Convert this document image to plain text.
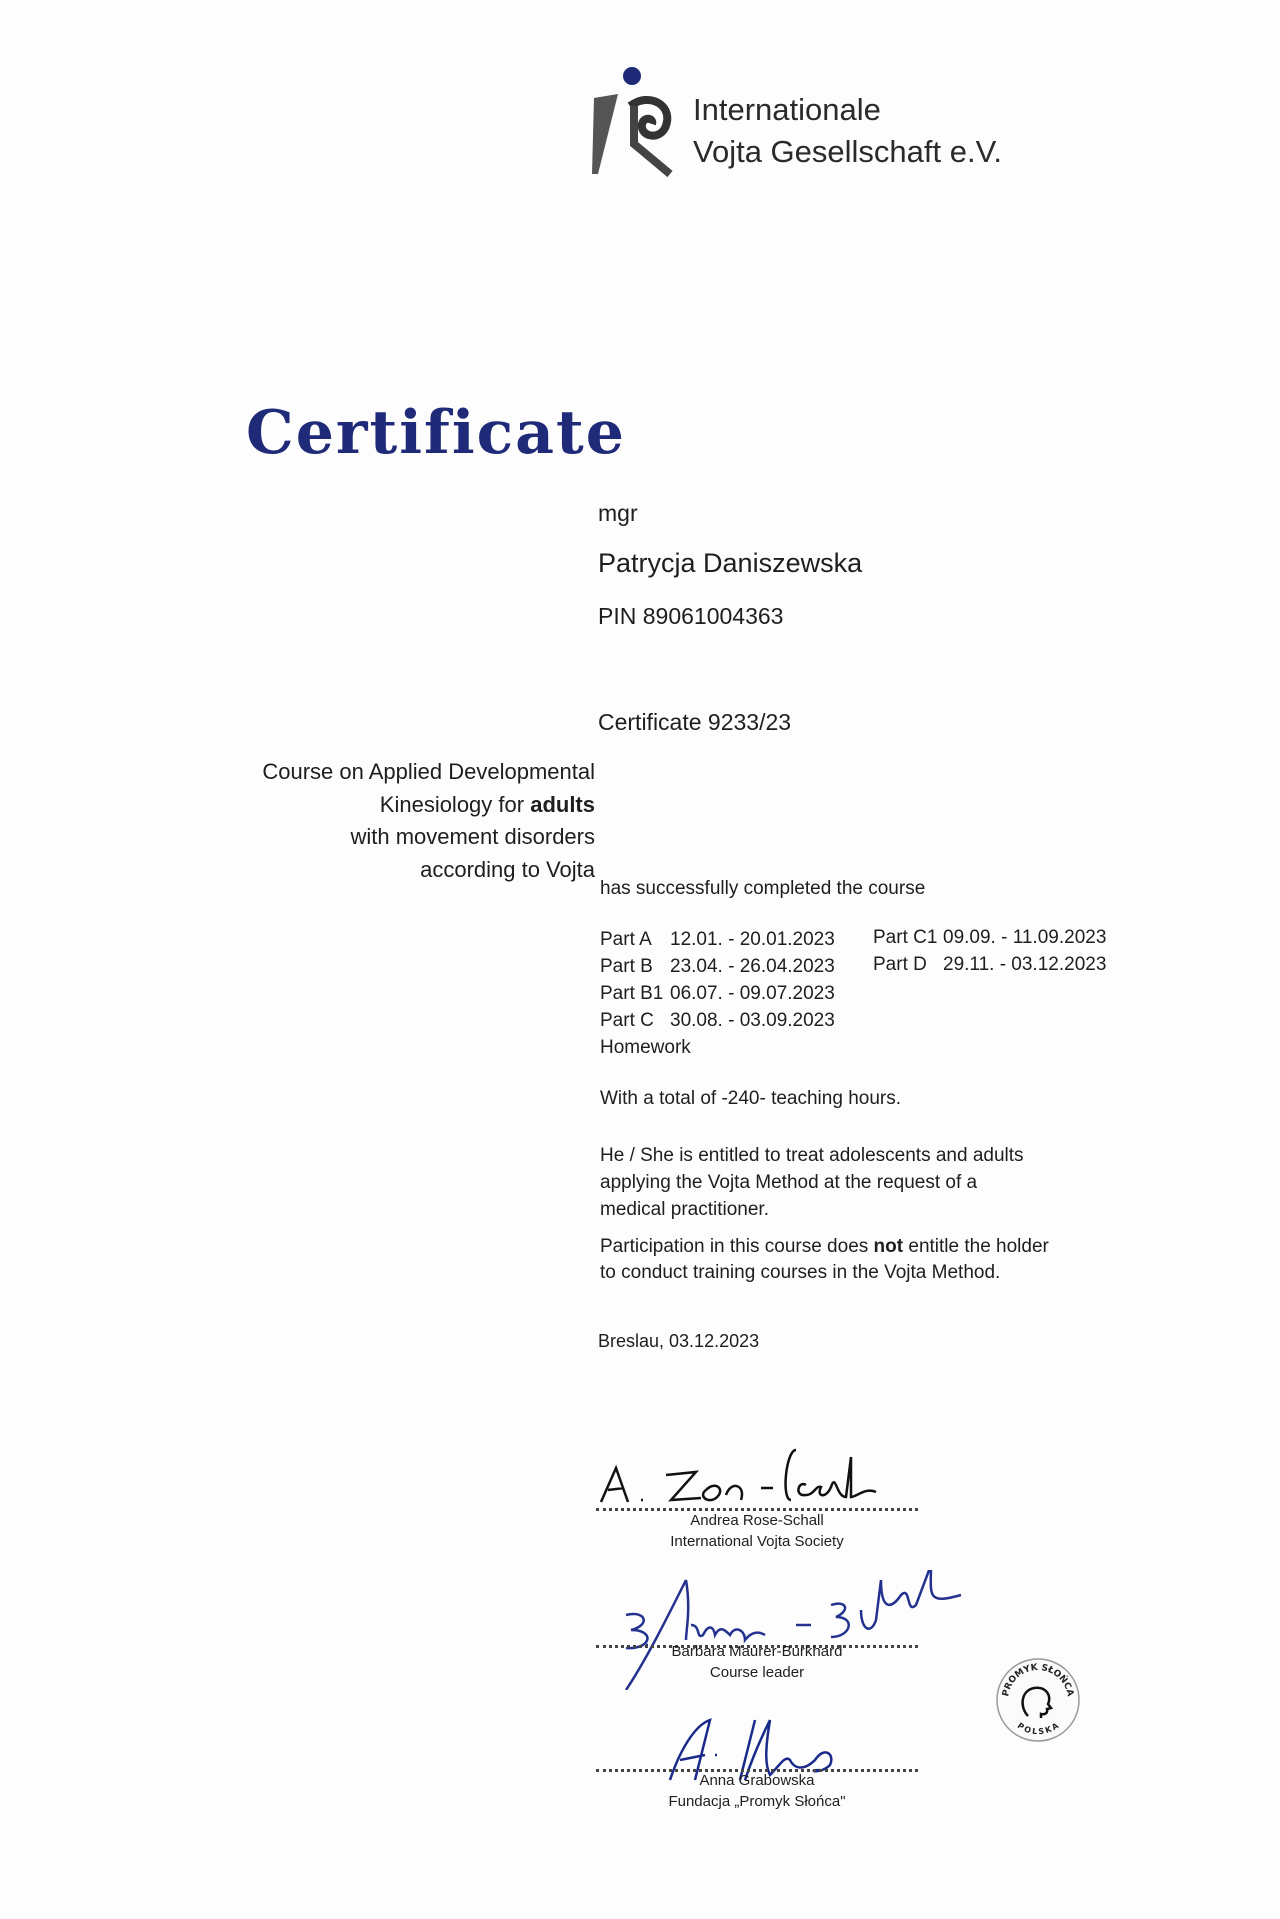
Internationale
Vojta Gesellschaft e.V.
Certificate
mgr
Patrycja Daniszewska
PIN 89061004363
Certificate 9233/23
Course on Applied Developmental
Kinesiology for adults
with movement disorders
according to Vojta
has successfully completed the course
Part A 12.01. - 20.01.2023
Part B 23.04. - 26.04.2023
Part B1 06.07. - 09.07.2023
Part C 30.08. - 03.09.2023
Homework
Part C1 09.09. - 11.09.2023
Part D 29.11. - 03.12.2023
With a total of -240- teaching hours.
He / She is entitled to treat adolescents and adults
applying the Vojta Method at the request of a
medical practitioner.
Participation in this course does not entitle the holder
to conduct training courses in the Vojta Method.
Breslau, 03.12.2023
Andrea Rose-Schall
International Vojta Society
Barbara Maurer-Burkhard
Course leader
Anna Grabowska
Fundacja „Promyk Słońca"
PROMYK SŁOŃCA
POLSKA
